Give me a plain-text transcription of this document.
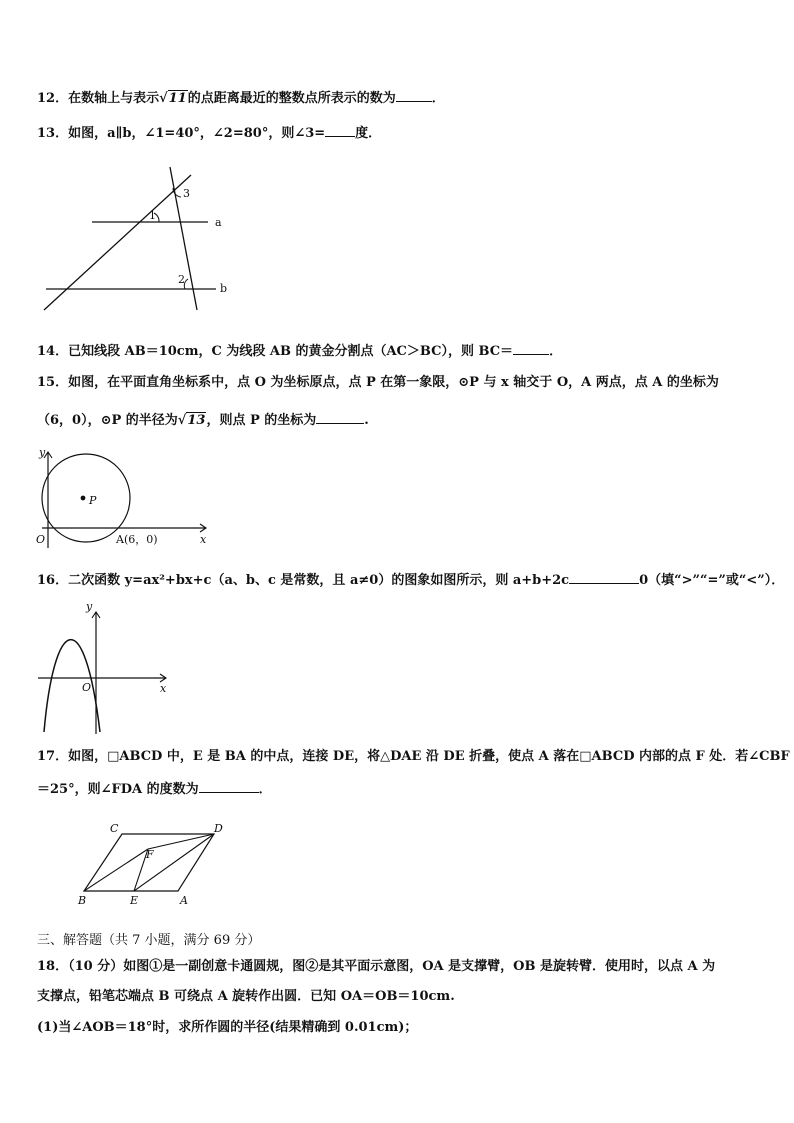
12．在数轴上与表示√11的点距离最近的整数点所表示的数为	．
13．如图，a∥b，∠1=40°，∠2=80°，则∠3= 度．
3
1
2
a
b
14．已知线段 AB＝10cm，C 为线段 AB 的黄金分割点（AC＞BC），则 BC＝	．
15．如图，在平面直角坐标系中，点 O 为坐标原点，点 P 在第一象限，⊙P 与 x 轴交于 O，A 两点，点 A 的坐标为
（6，0），⊙P 的半径为√13，则点 P 的坐标为	.
y
x
O
P
A(6，0)
16．二次函数 y=ax²+bx+c（a、b、c 是常数，且 a≠0）的图象如图所示，则 a+b+2c	0（填“>”“=”或“<”）．
y
x
O
17．如图，□ABCD 中，E 是 BA 的中点，连接 DE，将△DAE 沿 DE 折叠，使点 A 落在□ABCD 内部的点 F 处．若∠CBF
＝25°，则∠FDA 的度数为	．
C	D
F
B	E	A
三、解答题（共 7 小题，满分 69 分）
18．（10 分）如图①是一副创意卡通圆规，图②是其平面示意图，OA 是支撑臂，OB 是旋转臂．使用时，以点 A 为
支撑点，铅笔芯端点 B 可绕点 A 旋转作出圆．已知 OA＝OB＝10cm.
(1)当∠AOB＝18°时，求所作圆的半径(结果精确到 0.01cm)；
